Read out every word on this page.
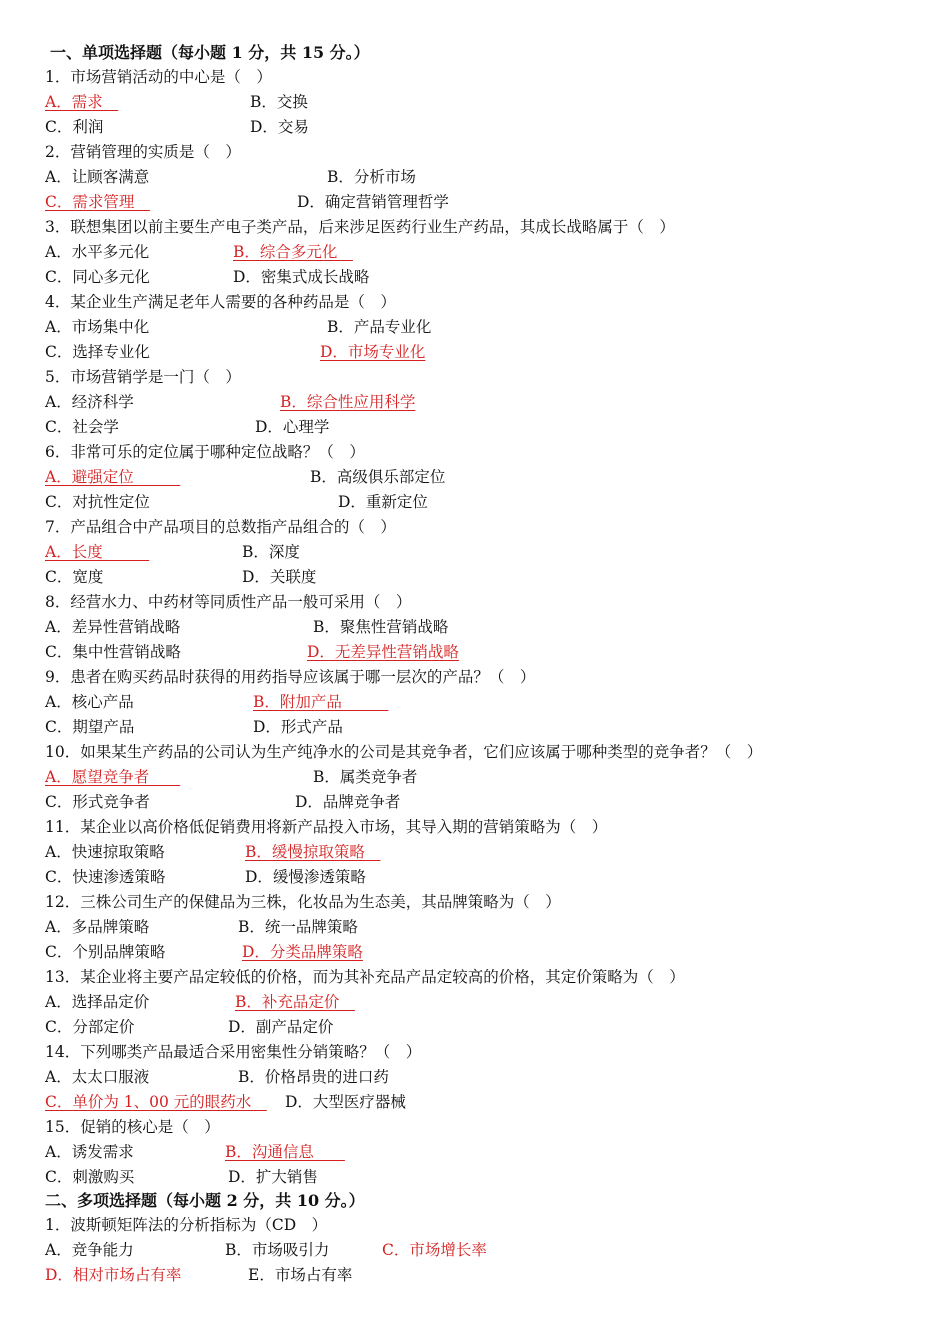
一、单项选择题（每小题 1 分，共 15 分。）
1．市场营销活动的中心是（　）
A．需求　	B．交换
C．利润	D．交易
2．营销管理的实质是（　）
A．让顾客满意	B．分析市场
C．需求管理　	D．确定营销管理哲学
3．联想集团以前主要生产电子类产品，后来涉足医药行业生产药品，其成长战略属于（　）
A．水平多元化	B．综合多元化　
C．同心多元化	D．密集式成长战略
4．某企业生产满足老年人需要的各种药品是（　）
A．市场集中化	B．产品专业化
C．选择专业化	D．市场专业化
5．市场营销学是一门（　）
A．经济科学	B．综合性应用科学
C．社会学	D．心理学
6．非常可乐的定位属于哪种定位战略？（　）
A．避强定位　　　	B．高级俱乐部定位
C．对抗性定位	D．重新定位
7．产品组合中产品项目的总数指产品组合的（　）
A．长度　　　	B．深度
C．宽度	D．关联度
8．经营水力、中药材等同质性产品一般可采用（　）
A．差异性营销战略	B．聚焦性营销战略
C．集中性营销战略	D．无差异性营销战略
9．患者在购买药品时获得的用药指导应该属于哪一层次的产品？（　）
A．核心产品	B．附加产品　　　
C．期望产品	D．形式产品
10．如果某生产药品的公司认为生产纯净水的公司是其竞争者，它们应该属于哪种类型的竞争者？（　）
A．愿望竞争者　　	B．属类竞争者
C．形式竞争者	D．品牌竞争者
11．某企业以高价格低促销费用将新产品投入市场，其导入期的营销策略为（　）
A．快速掠取策略	B．缓慢掠取策略　
C．快速渗透策略	D．缓慢渗透策略
12．三株公司生产的保健品为三株，化妆品为生态美，其品牌策略为（　）
A．多品牌策略	B．统一品牌策略
C．个别品牌策略	D．分类品牌策略
13．某企业将主要产品定较低的价格，而为其补充品产品定较高的价格，其定价策略为（　）
A．选择品定价	B．补充品定价　
C．分部定价	D．副产品定价
14．下列哪类产品最适合采用密集性分销策略？（　）
A．太太口服液	B．价格昂贵的进口药
C．单价为 1、00 元的眼药水　 D．大型医疗器械
15．促销的核心是（　）
A．诱发需求	B．沟通信息　　
C．刺激购买	D．扩大销售
二、多项选择题（每小题 2 分，共 10 分。）
1．波斯顿矩阵法的分析指标为（CD　）
A．竞争能力	B．市场吸引力	C．市场增长率
D．相对市场占有率	E．市场占有率
